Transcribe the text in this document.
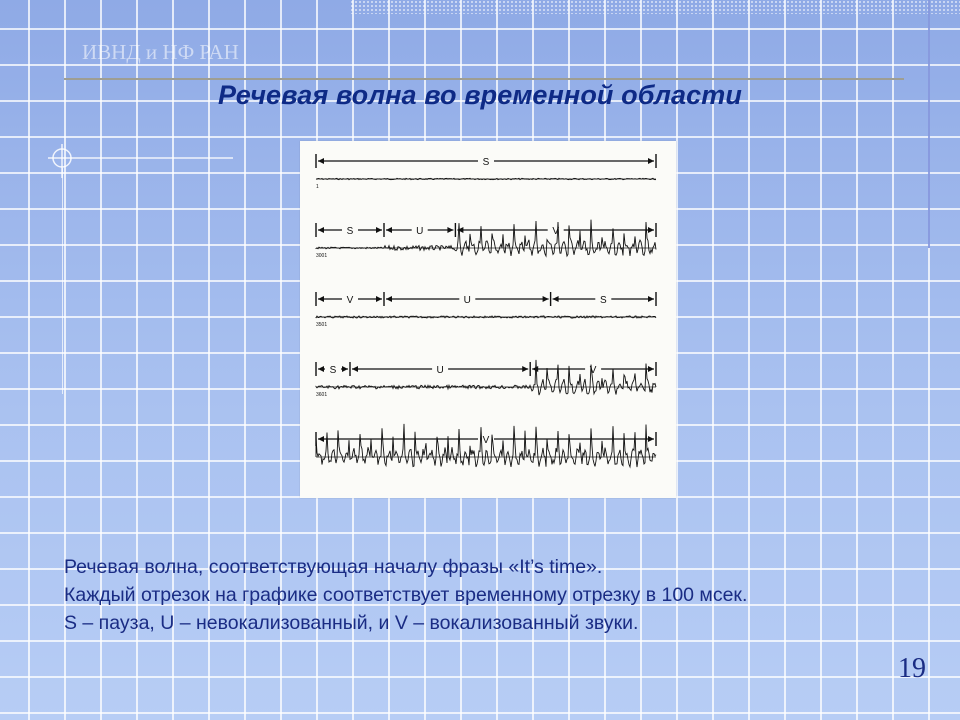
ИВНД и НФ РАН
Речевая волна во временной области
S
1
S	U	V
3001
V	U	S
3501
S	U	V
3601
V
Речевая волна, соответствующая началу фразы «It’s time».
Каждый отрезок на графике соответствует временному отрезку в 100 мсек.
S – пауза, U – невокализованный, и V – вокализованный звуки.
19
